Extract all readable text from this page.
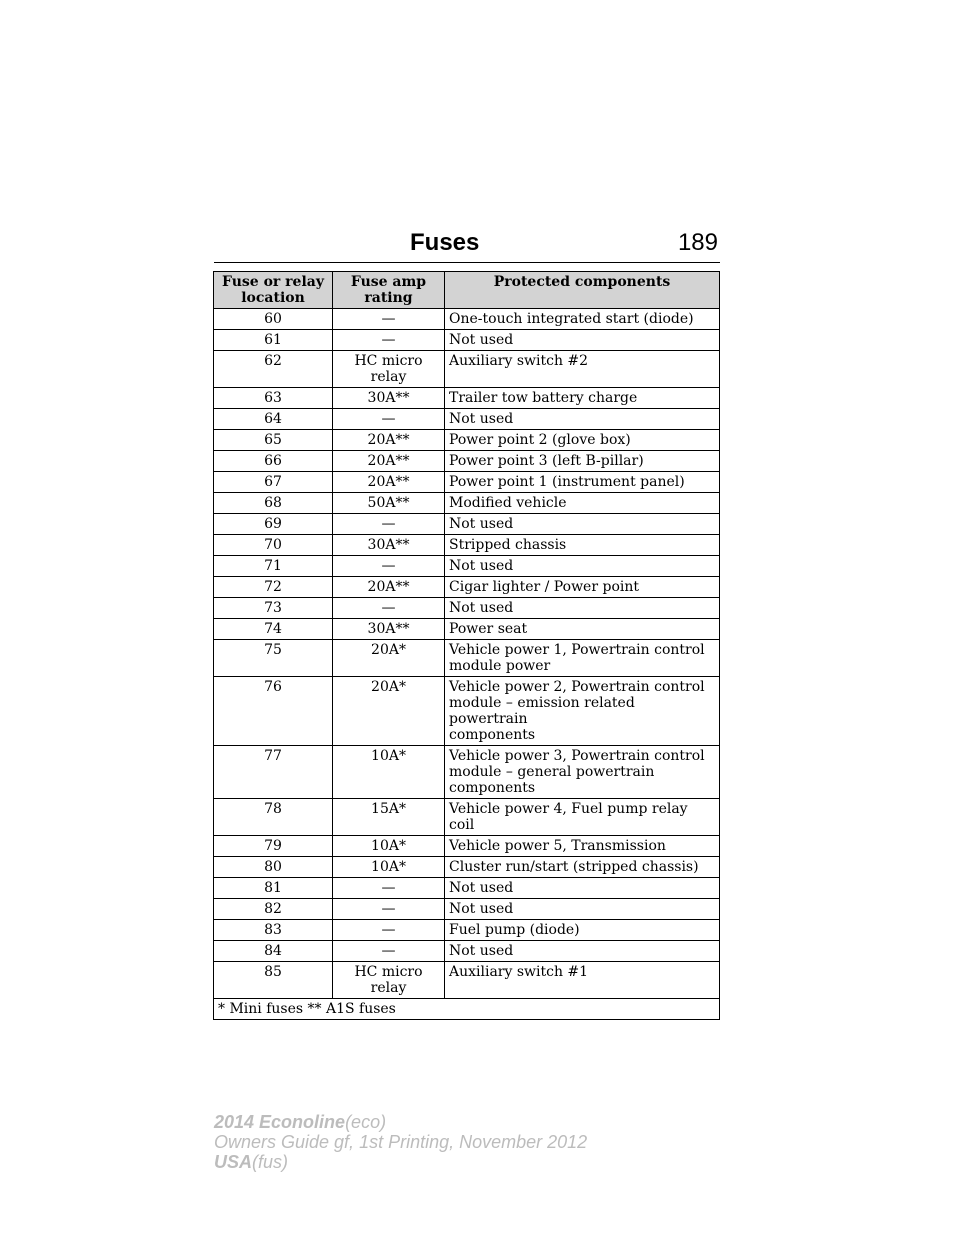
Fuses	189
Fuse or relay location	Fuse amp rating	Protected components
60	—	One-touch integrated start (diode)
61	—	Not used
62	HC micro relay	Auxiliary switch #2
63	30A**	Trailer tow battery charge
64	—	Not used
65	20A**	Power point 2 (glove box)
66	20A**	Power point 3 (left B-pillar)
67	20A**	Power point 1 (instrument panel)
68	50A**	Modified vehicle
69	—	Not used
70	30A**	Stripped chassis
71	—	Not used
72	20A**	Cigar lighter / Power point
73	—	Not used
74	30A**	Power seat
75	20A*	Vehicle power 1, Powertrain control
module power
76	20A*	Vehicle power 2, Powertrain control
module – emission related powertrain
components
77	10A*	Vehicle power 3, Powertrain control
module – general powertrain
components
78	15A*	Vehicle power 4, Fuel pump relay coil
79	10A*	Vehicle power 5, Transmission
80	10A*	Cluster run/start (stripped chassis)
81	—	Not used
82	—	Not used
83	—	Fuel pump (diode)
84	—	Not used
85	HC micro relay	Auxiliary switch #1
* Mini fuses ** A1S fuses		
2014 Econoline(eco)
Owners Guide gf, 1st Printing, November 2012
USA(fus)
